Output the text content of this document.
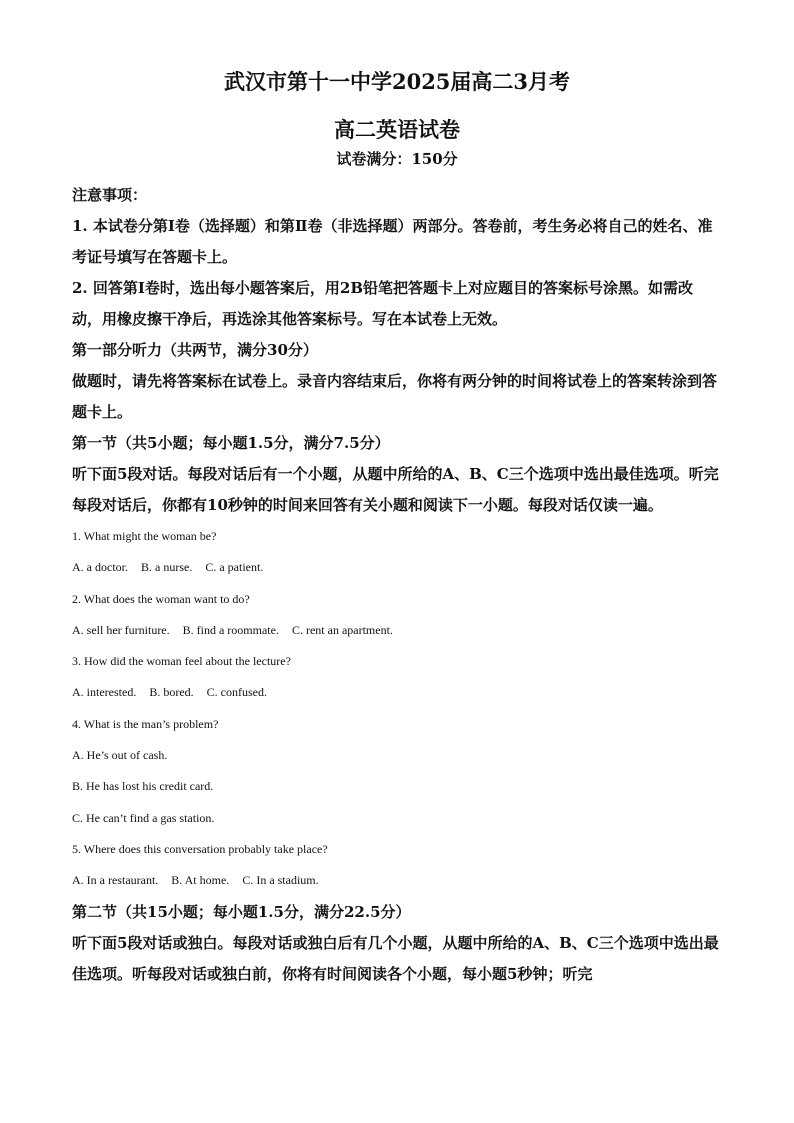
武汉市第十一中学2025届高二3月考
高二英语试卷
试卷满分：150分

注意事项：

1. 本试卷分第Ⅰ卷（选择题）和第Ⅱ卷（非选择题）两部分。答卷前，考生务必将自己的姓名、准考证号填写在答题卡上。

2. 回答第Ⅰ卷时，选出每小题答案后，用2B铅笔把答题卡上对应题目的答案标号涂黑。如需改动，用橡皮擦干净后，再选涂其他答案标号。写在本试卷上无效。

第一部分听力（共两节，满分30分）

做题时，请先将答案标在试卷上。录音内容结束后，你将有两分钟的时间将试卷上的答案转涂到答题卡上。

第一节（共5小题；每小题1.5分，满分7.5分）

听下面5段对话。每段对话后有一个小题，从题中所给的A、B、C三个选项中选出最佳选项。听完每段对话后，你都有10秒钟的时间来回答有关小题和阅读下一小题。每段对话仅读一遍。

1. What might the woman be?

A. a doctor. B. a nurse. C. a patient.

2. What does the woman want to do?

A. sell her furniture. B. find a roommate. C. rent an apartment.

3. How did the woman feel about the lecture?

A. interested. B. bored. C. confused.

4. What is the man’s problem?

A. He’s out of cash.

B. He has lost his credit card.

C. He can’t find a gas station.

5. Where does this conversation probably take place?

A. In a restaurant. B. At home. C. In a stadium.

第二节（共15小题；每小题1.5分，满分22.5分）

听下面5段对话或独白。每段对话或独白后有几个小题，从题中所给的A、B、C三个选项中选出最佳选项。听每段对话或独白前，你将有时间阅读各个小题，每小题5秒钟；听完
